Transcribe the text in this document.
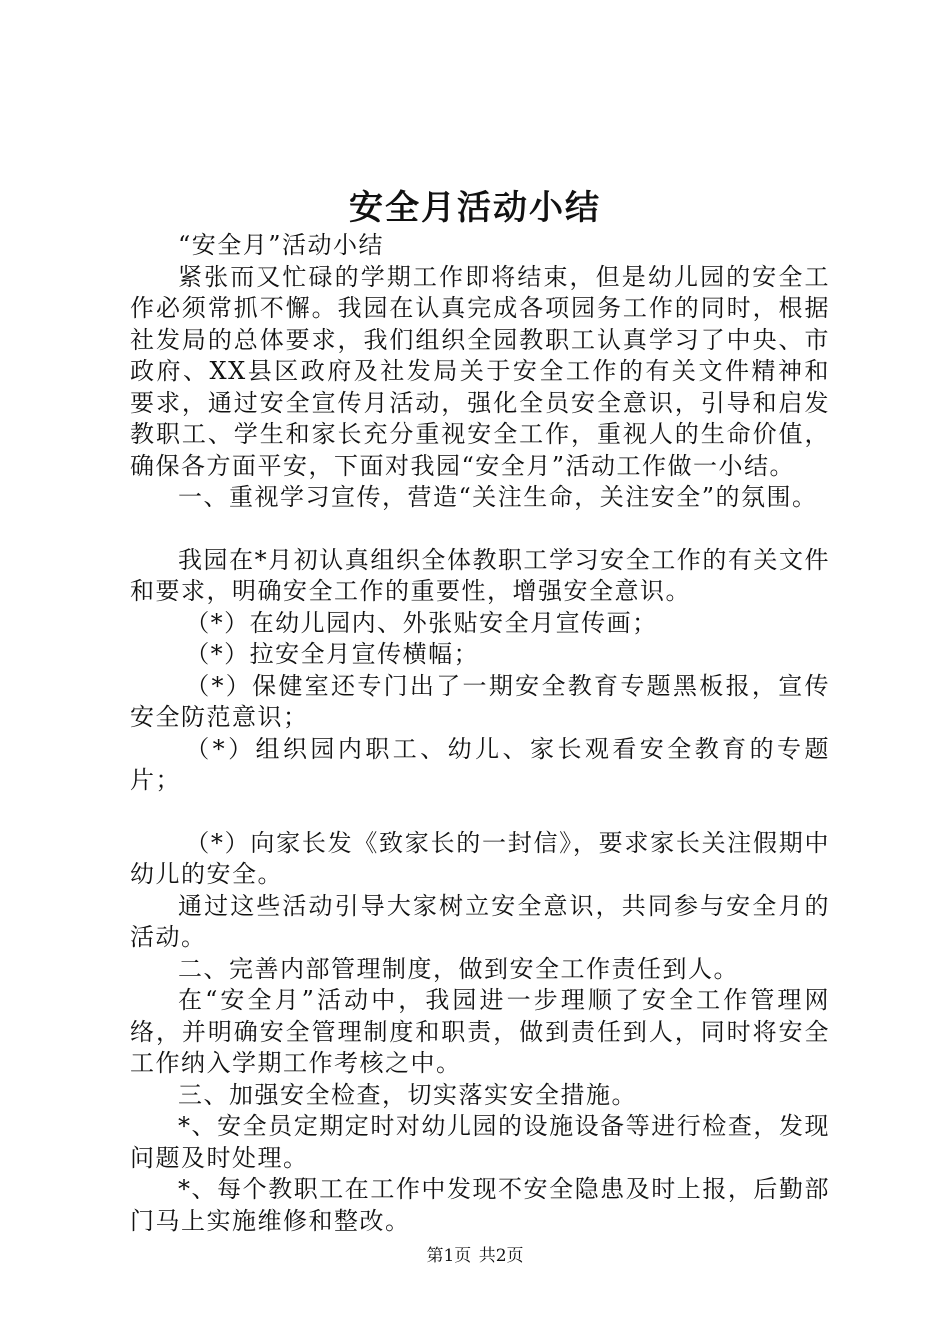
安全月活动小结

“安全月”活动小结

紧张而又忙碌的学期工作即将结束，但是幼儿园的安全工作必须常抓不懈。我园在认真完成各项园务工作的同时，根据社发局的总体要求，我们组织全园教职工认真学习了中央、市政府、XX县区政府及社发局关于安全工作的有关文件精神和要求，通过安全宣传月活动，强化全员安全意识，引导和启发教职工、学生和家长充分重视安全工作，重视人的生命价值，确保各方面平安，下面对我园“安全月”活动工作做一小结。

一、重视学习宣传，营造“关注生命，关注安全”的氛围。

我园在*月初认真组织全体教职工学习安全工作的有关文件和要求，明确安全工作的重要性，增强安全意识。

（*）在幼儿园内、外张贴安全月宣传画；

（*）拉安全月宣传横幅；

（*）保健室还专门出了一期安全教育专题黑板报，宣传安全防范意识；

（*）组织园内职工、幼儿、家长观看安全教育的专题片；

（*）向家长发《致家长的一封信》，要求家长关注假期中幼儿的安全。

通过这些活动引导大家树立安全意识，共同参与安全月的活动。

二、完善内部管理制度，做到安全工作责任到人。

在“安全月”活动中，我园进一步理顺了安全工作管理网络，并明确安全管理制度和职责，做到责任到人，同时将安全工作纳入学期工作考核之中。

三、加强安全检查，切实落实安全措施。

*、安全员定期定时对幼儿园的设施设备等进行检查，发现问题及时处理。

*、每个教职工在工作中发现不安全隐患及时上报，后勤部门马上实施维修和整改。

第1页 共2页
